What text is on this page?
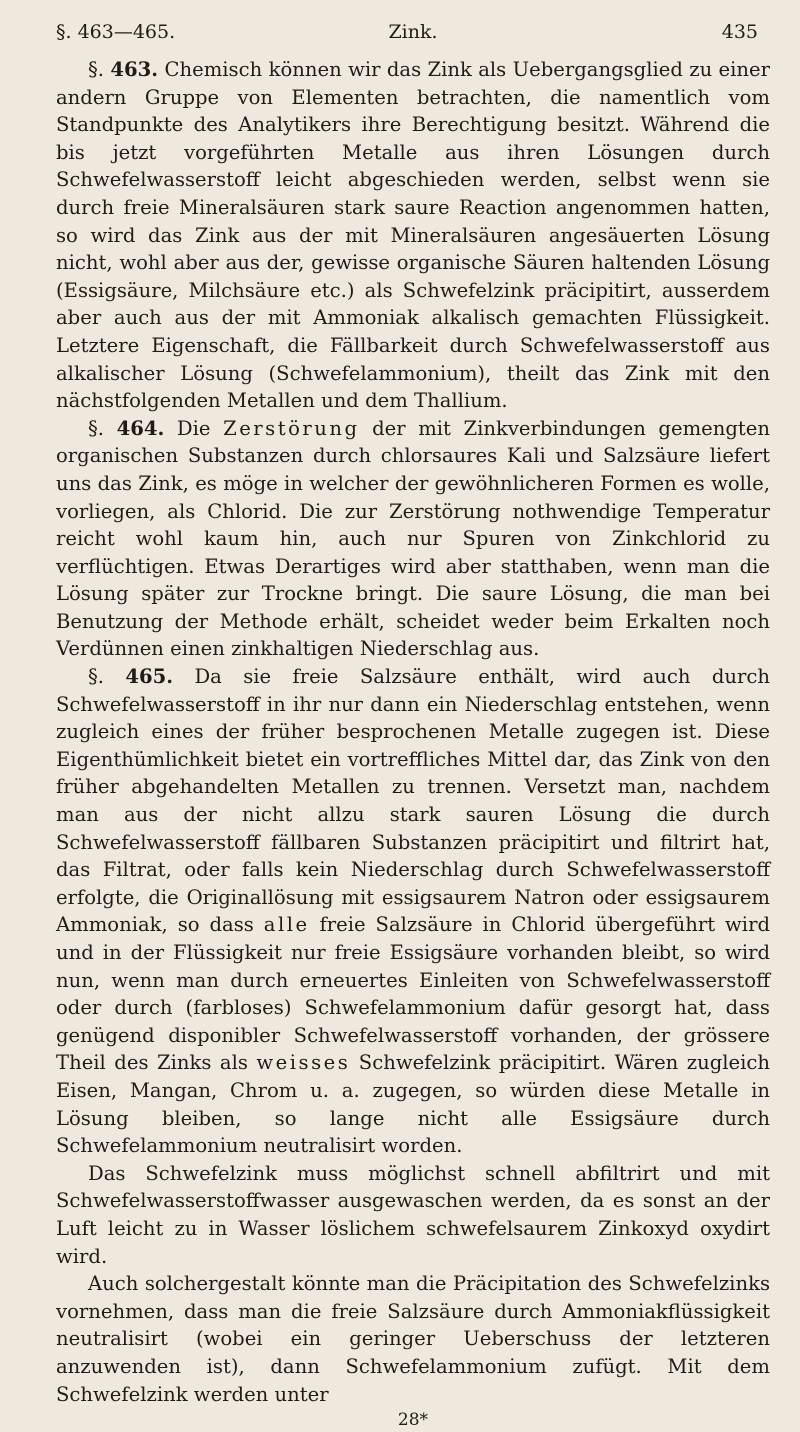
§. 463—465.	Zink.	435

§. 463. Chemisch können wir das Zink als Uebergangsglied zu einer andern Gruppe von Elementen betrachten, die namentlich vom Standpunkte des Analytikers ihre Berechtigung besitzt. Während die bis jetzt vorgeführten Metalle aus ihren Lösungen durch Schwefelwasserstoff leicht abgeschieden werden, selbst wenn sie durch freie Mineralsäuren stark saure Reaction angenommen hatten, so wird das Zink aus der mit Mineralsäuren angesäuerten Lösung nicht, wohl aber aus der, gewisse organische Säuren haltenden Lösung (Essigsäure, Milchsäure etc.) als Schwefelzink präcipitirt, ausserdem aber auch aus der mit Ammoniak alkalisch gemachten Flüssigkeit. Letztere Eigenschaft, die Fällbarkeit durch Schwefelwasserstoff aus alkalischer Lösung (Schwefelammonium), theilt das Zink mit den nächstfolgenden Metallen und dem Thallium.

§. 464. Die Zerstörung der mit Zinkverbindungen gemengten organischen Substanzen durch chlorsaures Kali und Salzsäure liefert uns das Zink, es möge in welcher der gewöhnlicheren Formen es wolle, vorliegen, als Chlorid. Die zur Zerstörung nothwendige Temperatur reicht wohl kaum hin, auch nur Spuren von Zinkchlorid zu verflüchtigen. Etwas Derartiges wird aber statthaben, wenn man die Lösung später zur Trockne bringt. Die saure Lösung, die man bei Benutzung der Methode erhält, scheidet weder beim Erkalten noch Verdünnen einen zinkhaltigen Niederschlag aus.

§. 465. Da sie freie Salzsäure enthält, wird auch durch Schwefelwasserstoff in ihr nur dann ein Niederschlag entstehen, wenn zugleich eines der früher besprochenen Metalle zugegen ist. Diese Eigenthümlichkeit bietet ein vortreffliches Mittel dar, das Zink von den früher abgehandelten Metallen zu trennen. Versetzt man, nachdem man aus der nicht allzu stark sauren Lösung die durch Schwefelwasserstoff fällbaren Substanzen präcipitirt und filtrirt hat, das Filtrat, oder falls kein Niederschlag durch Schwefelwasserstoff erfolgte, die Originallösung mit essigsaurem Natron oder essigsaurem Ammoniak, so dass alle freie Salzsäure in Chlorid übergeführt wird und in der Flüssigkeit nur freie Essigsäure vorhanden bleibt, so wird nun, wenn man durch erneuertes Einleiten von Schwefelwasserstoff oder durch (farbloses) Schwefelammonium dafür gesorgt hat, dass genügend disponibler Schwefelwasserstoff vorhanden, der grössere Theil des Zinks als weisses Schwefelzink präcipitirt. Wären zugleich Eisen, Mangan, Chrom u. a. zugegen, so würden diese Metalle in Lösung bleiben, so lange nicht alle Essigsäure durch Schwefelammonium neutralisirt worden.

Das Schwefelzink muss möglichst schnell abfiltrirt und mit Schwefelwasserstoffwasser ausgewaschen werden, da es sonst an der Luft leicht zu in Wasser löslichem schwefelsaurem Zinkoxyd oxydirt wird.

Auch solchergestalt könnte man die Präcipitation des Schwefelzinks vornehmen, dass man die freie Salzsäure durch Ammoniakflüssigkeit neutralisirt (wobei ein geringer Ueberschuss der letzteren anzuwenden ist), dann Schwefelammonium zufügt. Mit dem Schwefelzink werden unter

28*
